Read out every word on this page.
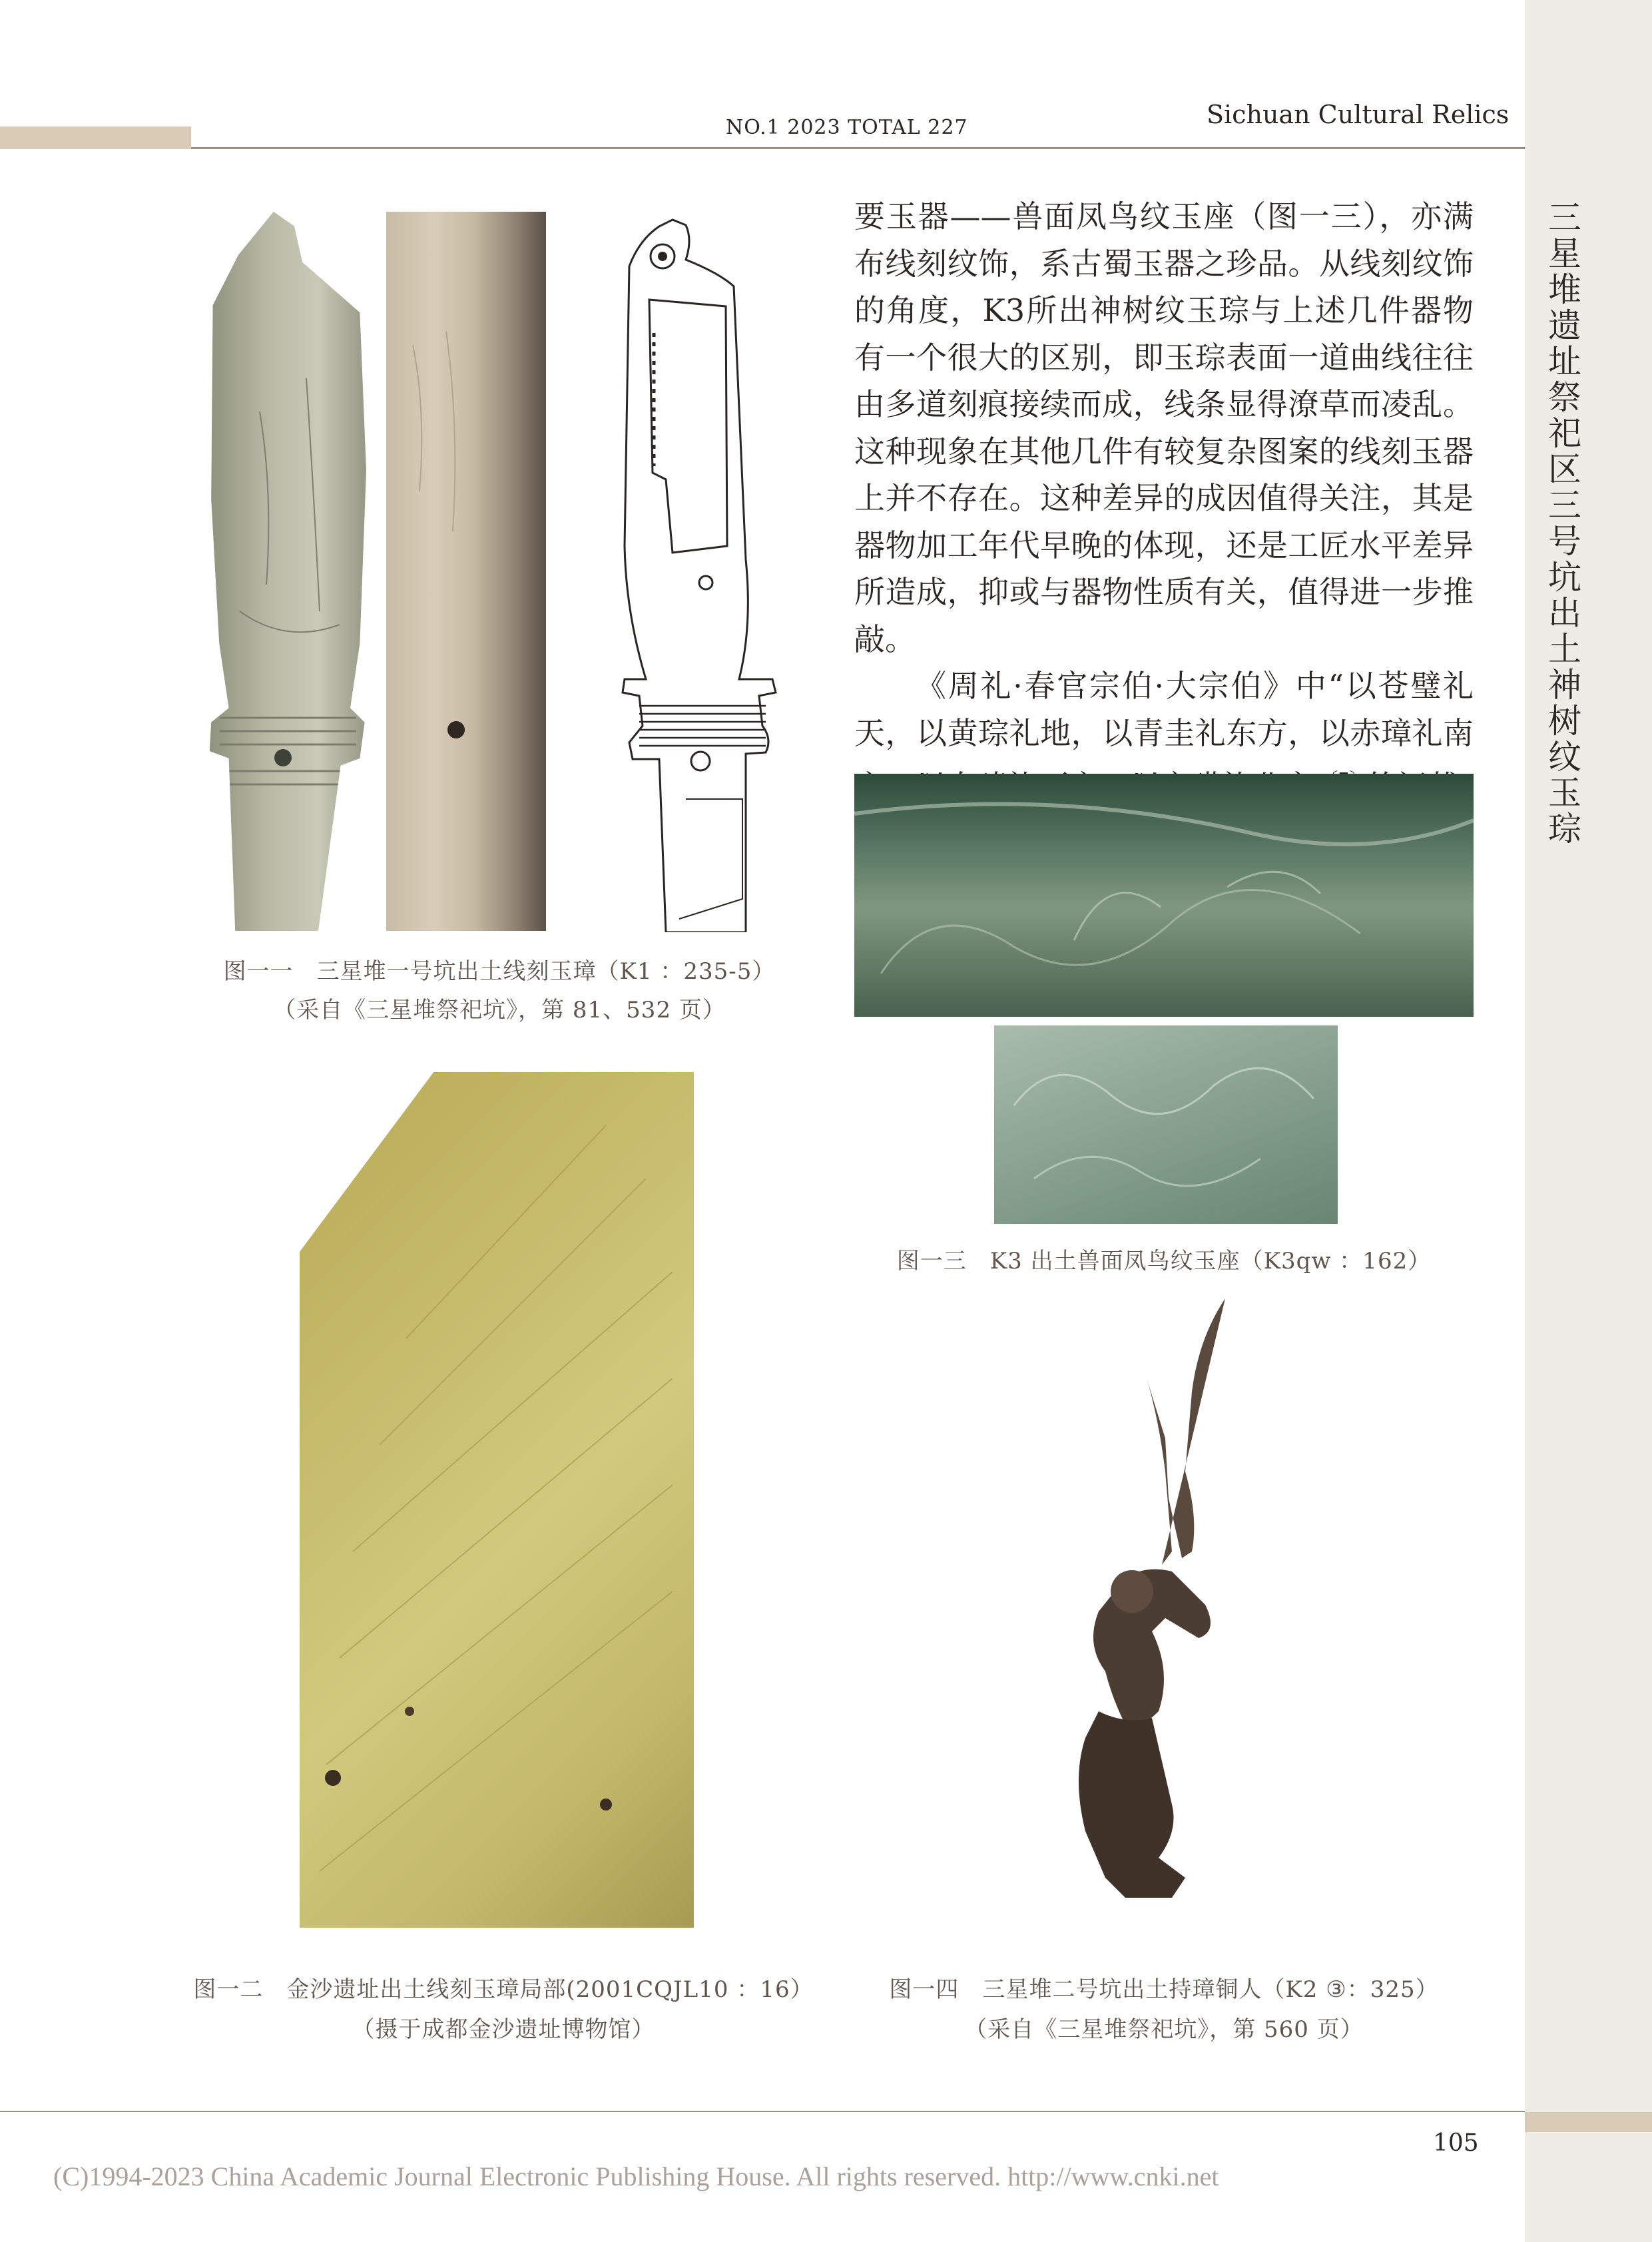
三星堆遗址祭祀区三号坑出土神树纹玉琮
NO.1 2023 TOTAL 227	Sichuan Cultural Relics
图一一　三星堆一号坑出土线刻玉璋（K1 ：235-5）
（采自《三星堆祭祀坑》，第 81、532 页）

要玉器——兽面凤鸟纹玉座（图一三），亦满布线刻纹饰，系古蜀玉器之珍品。从线刻纹饰的角度，K3所出神树纹玉琮与上述几件器物有一个很大的区别，即玉琮表面一道曲线往往由多道刻痕接续而成，线条显得潦草而凌乱。这种现象在其他几件有较复杂图案的线刻玉器上并不存在。这种差异的成因值得关注，其是器物加工年代早晚的体现，还是工匠水平差异所造成，抑或与器物性质有关，值得进一步推敲。

《周礼·春官宗伯·大宗伯》中“以苍璧礼天，以黄琮礼地，以青圭礼东方，以赤璋礼南

图一三　K3 出土兽面凤鸟纹玉座（K3qw ：162）
图一二　金沙遗址出土线刻玉璋局部(2001CQJL10 ：16）
（摄于成都金沙遗址博物馆）
图一四　三星堆二号坑出土持璋铜人（K2 ③：325）
（采自《三星堆祭祀坑》，第 560 页）
105
(C)1994-2023 China Academic Journal Electronic Publishing House. All rights reserved. http://www.cnki.net
